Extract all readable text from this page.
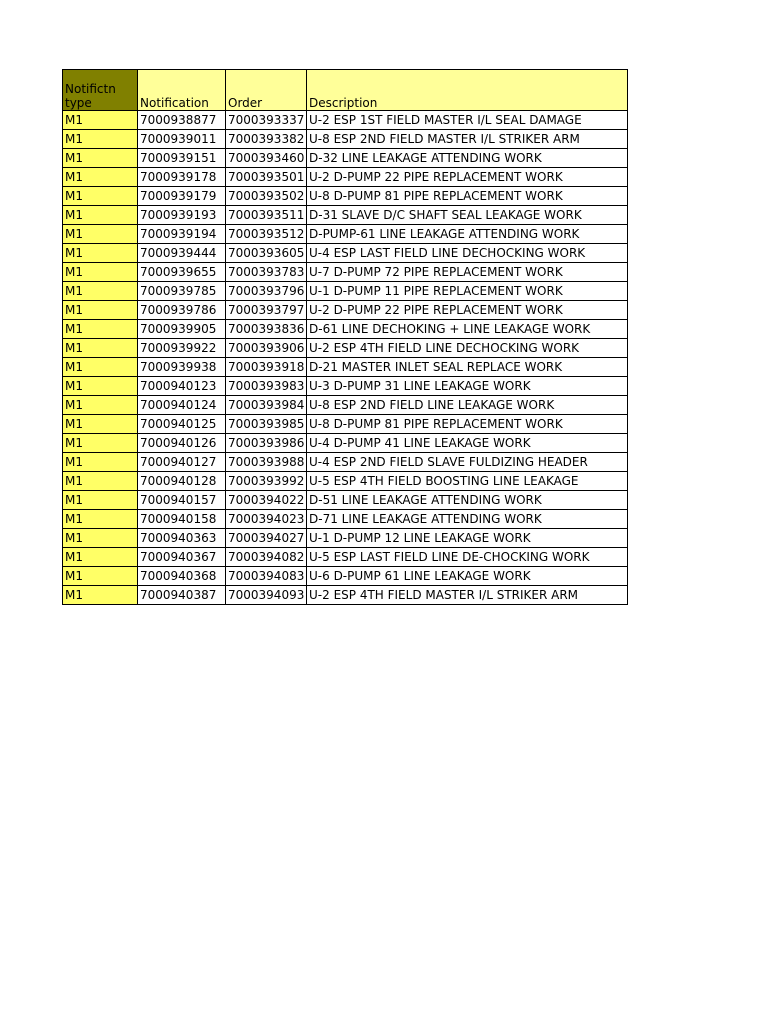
Notifictn type	Notification	Order	Description
M1	7000938877	7000393337	U-2 ESP 1ST FIELD MASTER I/L SEAL DAMAGE
M1	7000939011	7000393382	U-8 ESP 2ND FIELD MASTER I/L STRIKER ARM
M1	7000939151	7000393460	D-32 LINE LEAKAGE ATTENDING WORK
M1	7000939178	7000393501	U-2 D-PUMP 22 PIPE REPLACEMENT WORK
M1	7000939179	7000393502	U-8 D-PUMP 81 PIPE REPLACEMENT WORK
M1	7000939193	7000393511	D-31 SLAVE D/C SHAFT SEAL LEAKAGE WORK
M1	7000939194	7000393512	D-PUMP-61 LINE LEAKAGE ATTENDING WORK
M1	7000939444	7000393605	U-4 ESP LAST FIELD LINE DECHOCKING WORK
M1	7000939655	7000393783	U-7 D-PUMP 72 PIPE REPLACEMENT WORK
M1	7000939785	7000393796	U-1 D-PUMP 11 PIPE REPLACEMENT WORK
M1	7000939786	7000393797	U-2 D-PUMP 22 PIPE REPLACEMENT WORK
M1	7000939905	7000393836	D-61 LINE DECHOKING + LINE LEAKAGE WORK
M1	7000939922	7000393906	U-2 ESP 4TH FIELD LINE DECHOCKING WORK
M1	7000939938	7000393918	D-21 MASTER INLET SEAL REPLACE WORK
M1	7000940123	7000393983	U-3 D-PUMP 31 LINE LEAKAGE WORK
M1	7000940124	7000393984	U-8 ESP 2ND FIELD LINE LEAKAGE WORK
M1	7000940125	7000393985	U-8 D-PUMP 81 PIPE REPLACEMENT WORK
M1	7000940126	7000393986	U-4 D-PUMP 41 LINE LEAKAGE WORK
M1	7000940127	7000393988	U-4 ESP 2ND FIELD SLAVE FULDIZING HEADER
M1	7000940128	7000393992	U-5 ESP 4TH FIELD BOOSTING LINE LEAKAGE
M1	7000940157	7000394022	D-51 LINE LEAKAGE ATTENDING WORK
M1	7000940158	7000394023	D-71 LINE LEAKAGE ATTENDING WORK
M1	7000940363	7000394027	U-1 D-PUMP 12 LINE LEAKAGE WORK
M1	7000940367	7000394082	U-5 ESP LAST FIELD LINE DE-CHOCKING WORK
M1	7000940368	7000394083	U-6 D-PUMP 61 LINE LEAKAGE WORK
M1	7000940387	7000394093	U-2 ESP 4TH FIELD MASTER I/L STRIKER ARM
